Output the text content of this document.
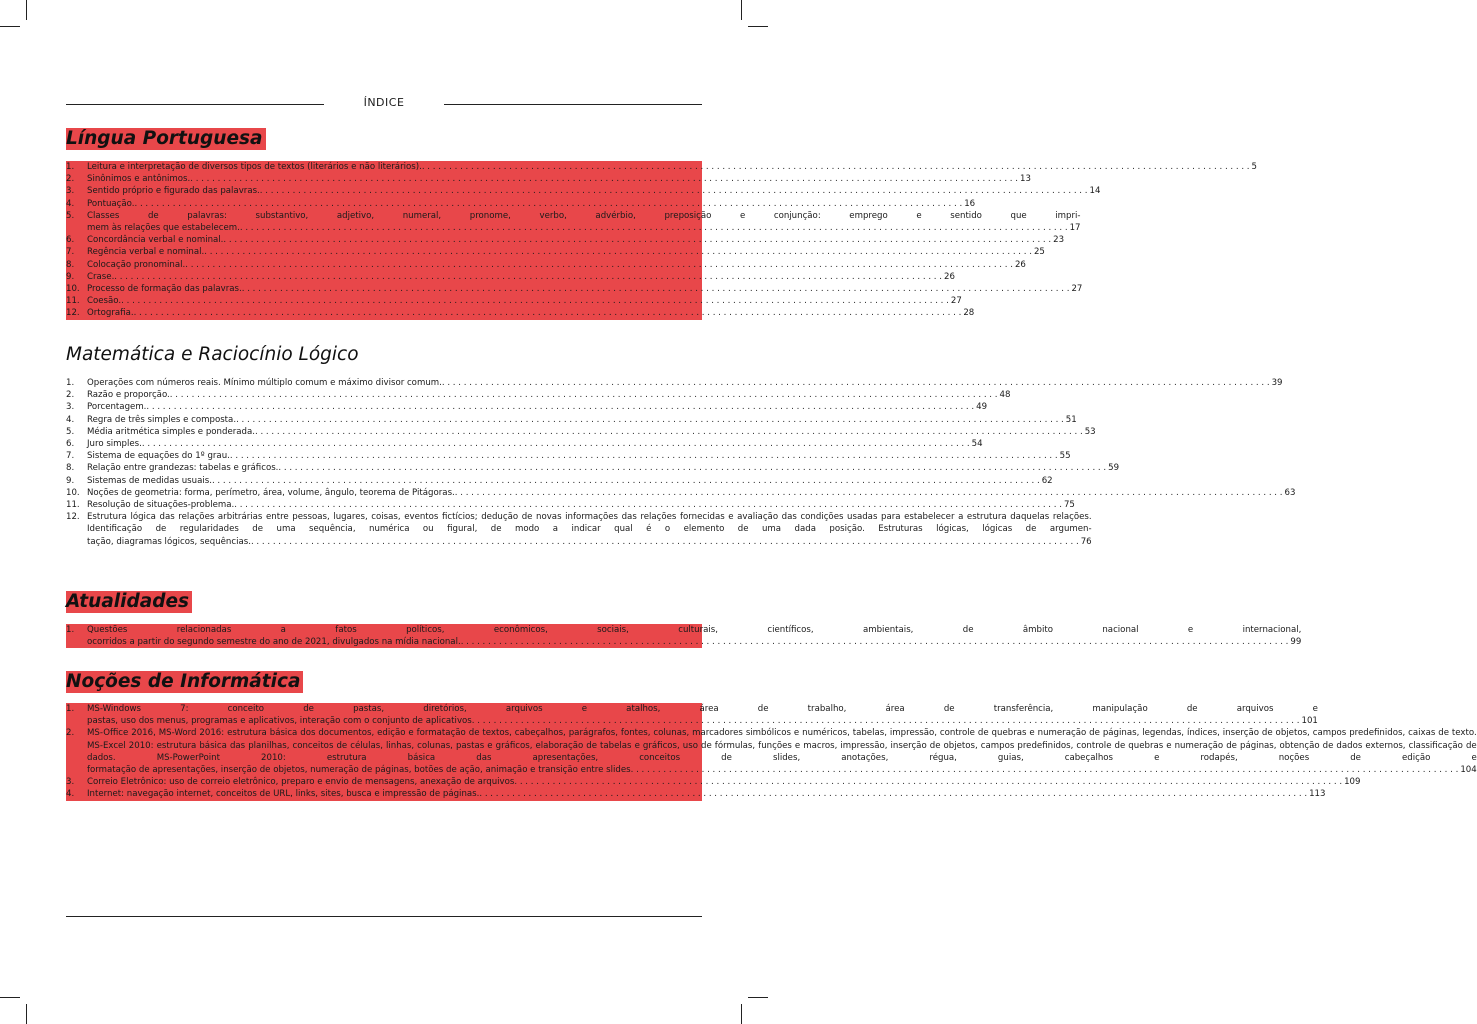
ÍNDICE
Língua Portuguesa
1.	Leitura e interpretação de diversos tipos de textos (literários e não literários). . . .	5
2.	Sinônimos e antônimos. . . .	13
3.	Sentido próprio e figurado das palavras. . . .	14
4.	Pontuação. . . .	16
5.	Classes de palavras: substantivo, adjetivo, numeral, pronome, verbo, advérbio, preposição e conjunção: emprego e sentido que impri-
mem às relações que estabelecem. . . .	17
6.	Concordância verbal e nominal. . . .	23
7.	Regência verbal e nominal. . . .	25
8.	Colocação pronominal. . . .	26
9.	Crase. . . .	26
10. Processo de formação das palavras. . . .	27
11. Coesão. . . .	27
12. Ortografia. . . .	28
Matemática e Raciocínio Lógico
1.	Operações com números reais. Mínimo múltiplo comum e máximo divisor comum. . . .	39
2.	Razão e proporção. . . .	48
3.	Porcentagem. . . .	49
4.	Regra de três simples e composta. . . .	51
5.	Média aritmética simples e ponderada. . . .	53
6.	Juro simples. . . .	54
7.	Sistema de equações do 1º grau. . . .	55
8.	Relação entre grandezas: tabelas e gráficos. . . .	59
9.	Sistemas de medidas usuais. . . .	62
10. Noções de geometria: forma, perímetro, área, volume, ângulo, teorema de Pitágoras. . . .	63
11. Resolução de situações-problema. . . .	75
12. Estrutura lógica das relações arbitrárias entre pessoas, lugares, coisas, eventos fictícios; dedução de novas informações das relações fornecidas e avaliação das condições usadas para estabelecer a estrutura daquelas relações. Identificação de regularidades de uma sequência, numérica ou figural, de modo a indicar qual é o elemento de uma dada posição. Estruturas lógicas, lógicas de argumen-
tação, diagramas lógicos, sequências. . . .	76
Atualidades
1.	Questões relacionadas a fatos políticos, econômicos, sociais, culturais, científicos, ambientais, de âmbito nacional e internacional,
ocorridos a partir do segundo semestre do ano de 2021, divulgados na mídia nacional. . . .	99
Noções de Informática
1.	MS-Windows 7: conceito de pastas, diretórios, arquivos e atalhos, área de trabalho, área de transferência, manipulação de arquivos e
pastas, uso dos menus, programas e aplicativos, interação com o conjunto de aplicativos . . .	101
2.	MS-Office 2016, MS-Word 2016: estrutura básica dos documentos, edição e formatação de textos, cabeçalhos, parágrafos, fontes, colunas, marcadores simbólicos e numéricos, tabelas, impressão, controle de quebras e numeração de páginas, legendas, índices, inserção de objetos, campos predefinidos, caixas de texto. MS-Excel 2010: estrutura básica das planilhas, conceitos de células, linhas, colunas, pastas e gráficos, elaboração de tabelas e gráficos, uso de fórmulas, funções e macros, impressão, inserção de objetos, campos predefinidos, controle de quebras e numeração de páginas, obtenção de dados externos, classificação de dados. MS-PowerPoint 2010: estrutura básica das apresentações, conceitos de slides, anotações, régua, guias, cabeçalhos e rodapés, noções de edição e
formatação de apresentações, inserção de objetos, numeração de páginas, botões de ação, animação e transição entre slides . . .	104
3.	Correio Eletrônico: uso de correio eletrônico, preparo e envio de mensagens, anexação de arquivos . . .	109
4.	Internet: navegação internet, conceitos de URL, links, sites, busca e impressão de páginas. . . .	113
